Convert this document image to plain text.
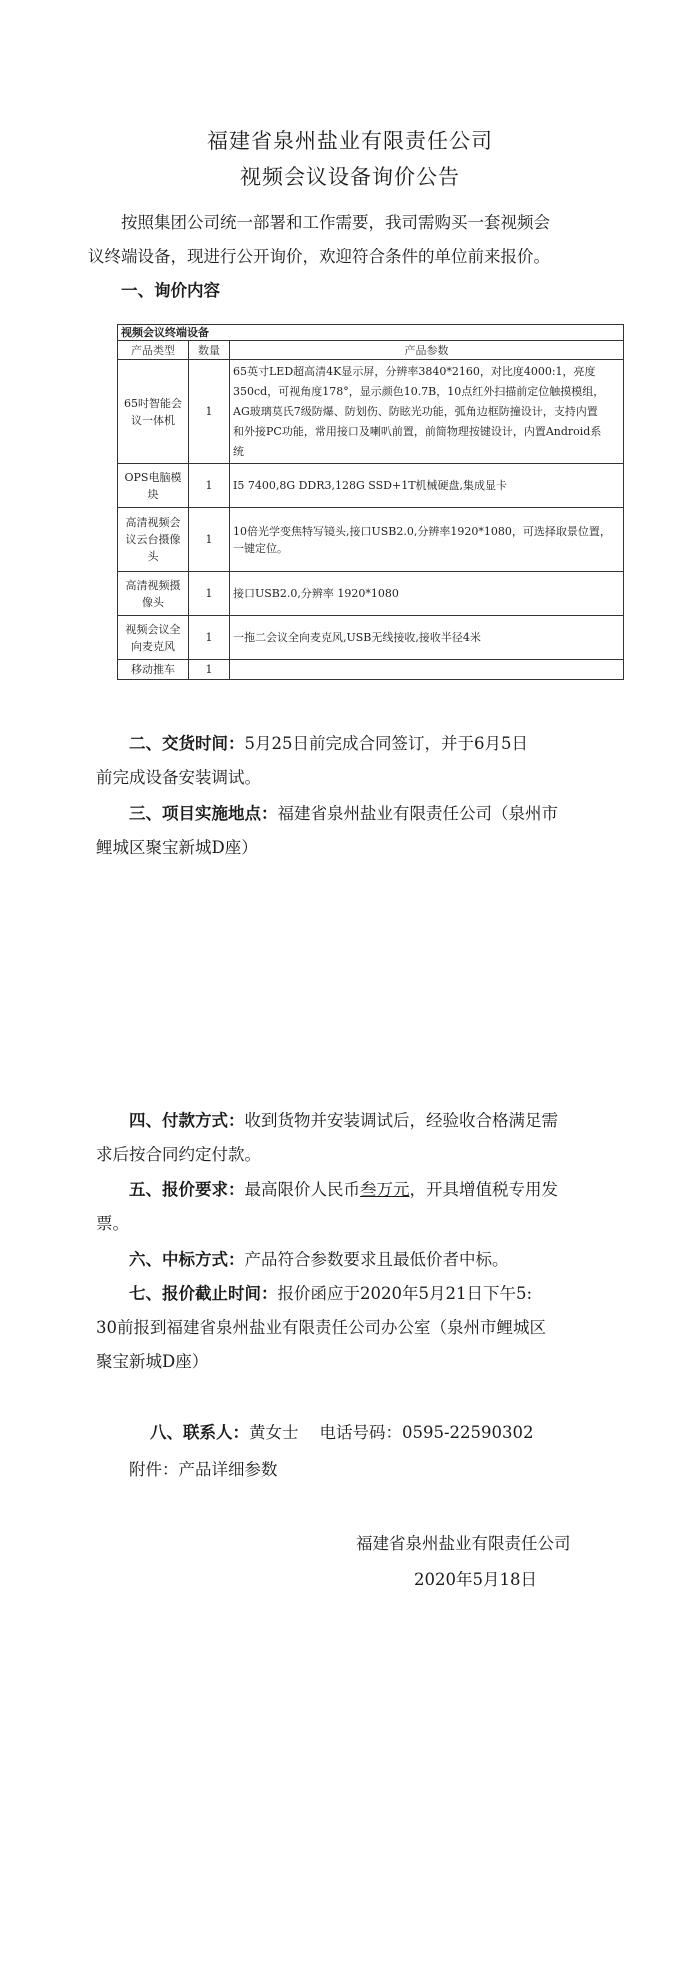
福建省泉州盐业有限责任公司
视频会议设备询价公告
按照集团公司统一部署和工作需要，我司需购买一套视频会
议终端设备，现进行公开询价，欢迎符合条件的单位前来报价。
一、询价内容
视频会议终端设备		
产品类型	数量	产品参数
65吋智能会
议一体机	1	65英寸LED超高清4K显示屏，分辨率3840*2160，对比度4000:1，亮度
350cd，可视角度178°，显示颜色10.7B，10点红外扫描前定位触摸模组，
AG玻璃莫氏7级防爆、防划伤、防眩光功能，弧角边框防撞设计，支持内置
和外接PC功能，常用接口及喇叭前置，前简物理按键设计，内置Android系
统
OPS电脑模
块	1	I5 7400,8G DDR3,128G SSD+1T机械硬盘,集成显卡
高清视频会
议云台摄像
头	1	10倍光学变焦特写镜头,接口USB2.0,分辨率1920*1080，可选择取景位置，
一键定位。
高清视频摄
像头	1	接口USB2.0,分辨率 1920*1080
视频会议全
向麦克风	1	一拖二会议全向麦克风,USB无线接收,接收半径4米
移动推车	1	
二、交货时间：5月25日前完成合同签订，并于6月5日
前完成设备安装调试。
三、项目实施地点：福建省泉州盐业有限责任公司（泉州市
鲤城区聚宝新城D座）
四、付款方式：收到货物并安装调试后，经验收合格满足需
求后按合同约定付款。
五、报价要求：最高限价人民币叁万元，开具增值税专用发
票。
六、中标方式：产品符合参数要求且最低价者中标。
七、报价截止时间：报价函应于2020年5月21日下午5:
30前报到福建省泉州盐业有限责任公司办公室（泉州市鲤城区
聚宝新城D座）

八、联系人：黄女士    电话号码：0595-22590302

附件：产品详细参数
福建省泉州盐业有限责任公司
2020年5月18日
